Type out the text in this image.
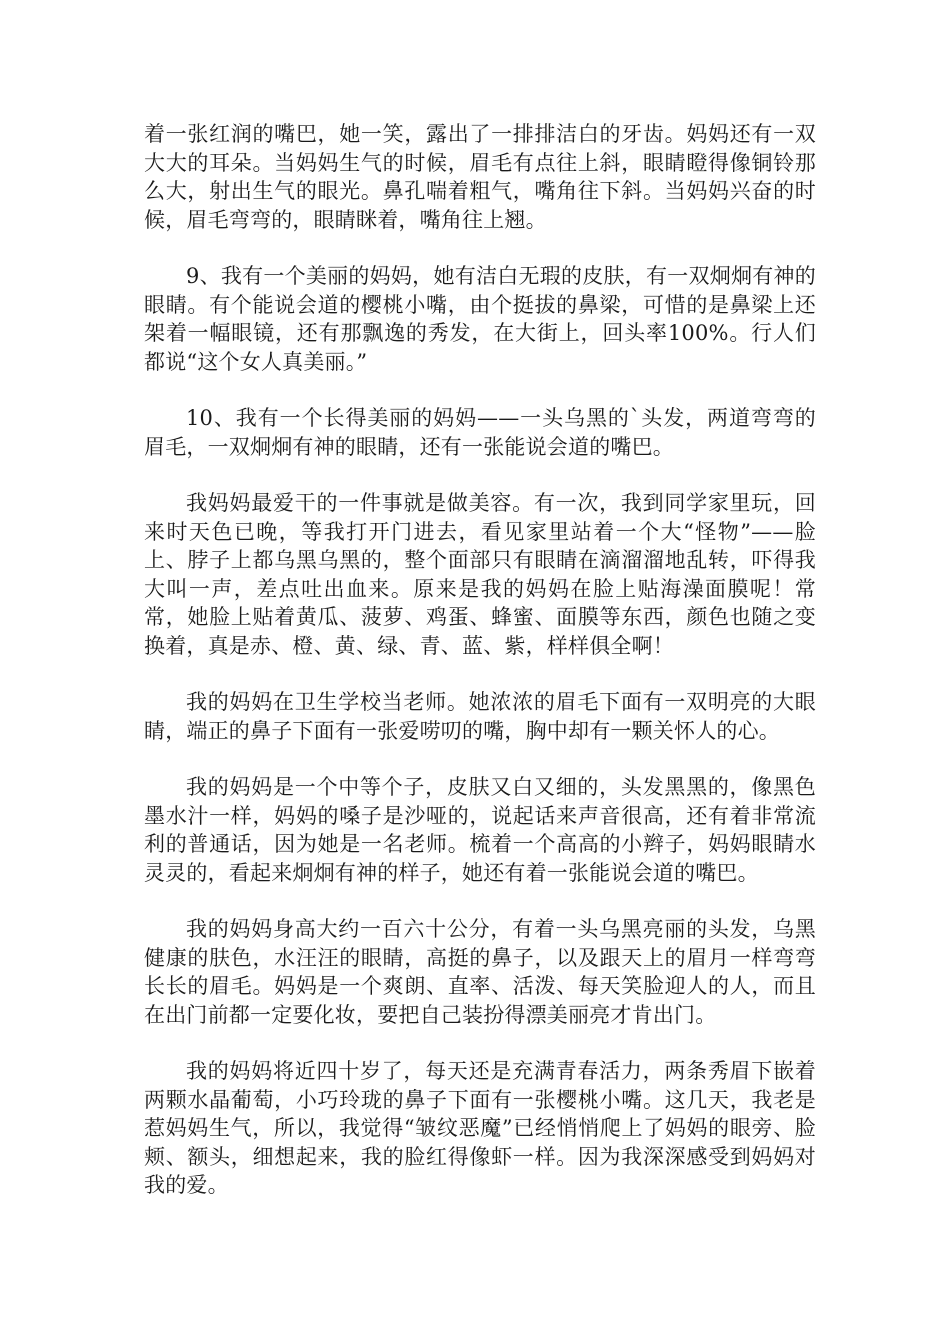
着一张红润的嘴巴，她一笑，露出了一排排洁白的牙齿。妈妈还有一双大大的耳朵。当妈妈生气的时候，眉毛有点往上斜，眼睛瞪得像铜铃那么大，射出生气的眼光。鼻孔喘着粗气，嘴角往下斜。当妈妈兴奋的时候，眉毛弯弯的，眼睛眯着，嘴角往上翘。

9、我有一个美丽的妈妈，她有洁白无瑕的皮肤，有一双炯炯有神的眼睛。有个能说会道的樱桃小嘴，由个挺拔的鼻梁，可惜的是鼻梁上还架着一幅眼镜，还有那飘逸的秀发，在大街上，回头率100%。行人们都说“这个女人真美丽。”

10、我有一个长得美丽的妈妈——一头乌黑的`头发，两道弯弯的眉毛，一双炯炯有神的眼睛，还有一张能说会道的嘴巴。

我妈妈最爱干的一件事就是做美容。有一次，我到同学家里玩，回来时天色已晚，等我打开门进去，看见家里站着一个大“怪物”——脸上、脖子上都乌黑乌黑的，整个面部只有眼睛在滴溜溜地乱转，吓得我大叫一声，差点吐出血来。原来是我的妈妈在脸上贴海澡面膜呢！常常，她脸上贴着黄瓜、菠萝、鸡蛋、蜂蜜、面膜等东西，颜色也随之变换着，真是赤、橙、黄、绿、青、蓝、紫，样样俱全啊！

我的妈妈在卫生学校当老师。她浓浓的眉毛下面有一双明亮的大眼睛，端正的鼻子下面有一张爱唠叨的嘴，胸中却有一颗关怀人的心。

我的妈妈是一个中等个子，皮肤又白又细的，头发黑黑的，像黑色墨水汁一样，妈妈的嗓子是沙哑的，说起话来声音很高，还有着非常流利的普通话，因为她是一名老师。梳着一个高高的小辫子，妈妈眼睛水灵灵的，看起来炯炯有神的样子，她还有着一张能说会道的嘴巴。

我的妈妈身高大约一百六十公分，有着一头乌黑亮丽的头发，乌黑健康的肤色，水汪汪的眼睛，高挺的鼻子，以及跟天上的眉月一样弯弯长长的眉毛。妈妈是一个爽朗、直率、活泼、每天笑脸迎人的人，而且在出门前都一定要化妆，要把自己装扮得漂美丽亮才肯出门。

我的妈妈将近四十岁了，每天还是充满青春活力，两条秀眉下嵌着两颗水晶葡萄，小巧玲珑的鼻子下面有一张樱桃小嘴。这几天，我老是惹妈妈生气，所以，我觉得“皱纹恶魔”已经悄悄爬上了妈妈的眼旁、脸颊、额头，细想起来，我的脸红得像虾一样。因为我深深感受到妈妈对我的爱。
